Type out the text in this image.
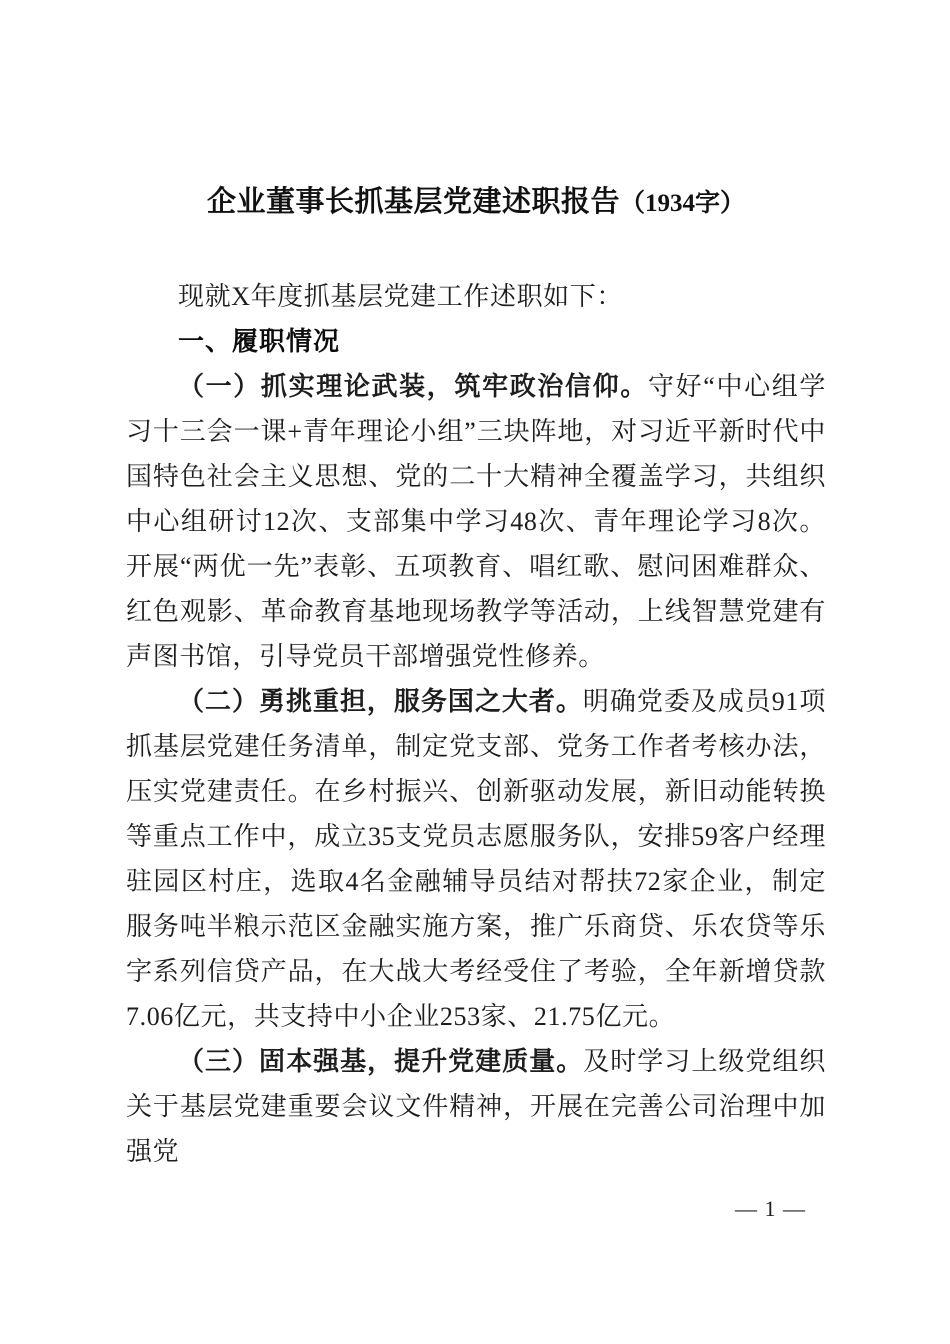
企业董事长抓基层党建述职报告（1934字）

现就X年度抓基层党建工作述职如下：

一、履职情况

（一）抓实理论武装，筑牢政治信仰。守好“中心组学习十三会一课+青年理论小组”三块阵地，对习近平新时代中国特色社会主义思想、党的二十大精神全覆盖学习，共组织中心组研讨12次、支部集中学习48次、青年理论学习8次。开展“两优一先”表彰、五项教育、唱红歌、慰问困难群众、红色观影、革命教育基地现场教学等活动，上线智慧党建有声图书馆，引导党员干部增强党性修养。

（二）勇挑重担，服务国之大者。明确党委及成员91项抓基层党建任务清单，制定党支部、党务工作者考核办法，压实党建责任。在乡村振兴、创新驱动发展，新旧动能转换等重点工作中，成立35支党员志愿服务队，安排59客户经理驻园区村庄，选取4名金融辅导员结对帮扶72家企业，制定服务吨半粮示范区金融实施方案，推广乐商贷、乐农贷等乐字系列信贷产品，在大战大考经受住了考验，全年新增贷款7.06亿元，共支持中小企业253家、21.75亿元。

（三）固本强基，提升党建质量。及时学习上级党组织关于基层党建重要会议文件精神，开展在完善公司治理中加强党

— 1 —
